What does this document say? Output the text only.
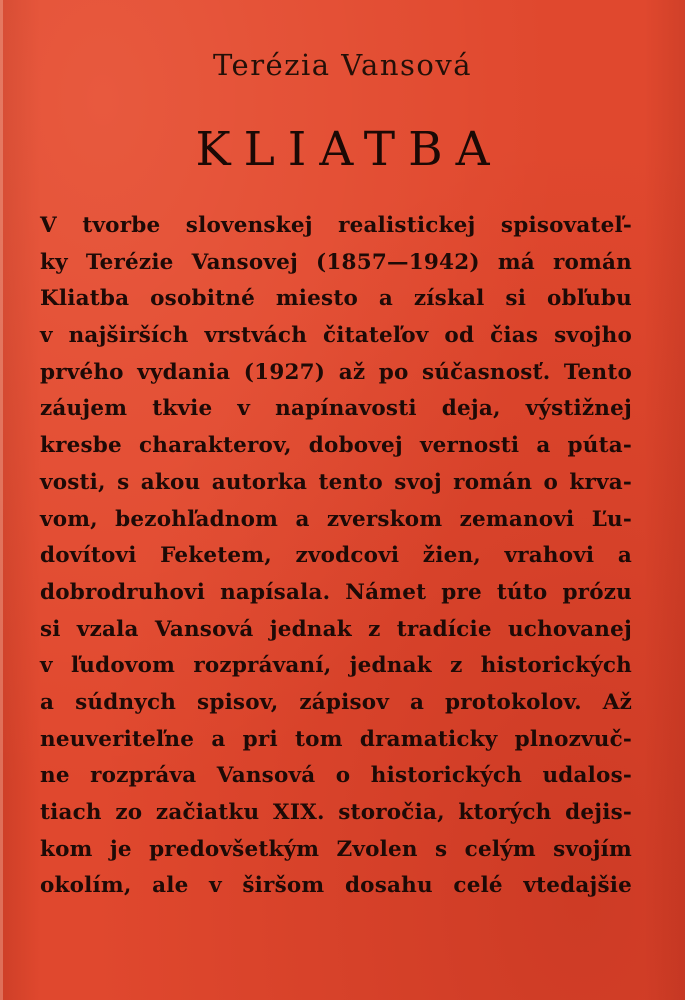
Terézia Vansová
KLIATBA
V tvorbe slovenskej realistickej spisovateľ-
ky Terézie Vansovej (1857—1942) má román
Kliatba osobitné miesto a získal si obľubu
v najširších vrstvách čitateľov od čias svojho
prvého vydania (1927) až po súčasnosť. Tento
záujem tkvie v napínavosti deja, výstižnej
kresbe charakterov, dobovej vernosti a púta-
vosti, s akou autorka tento svoj román o krva-
vom, bezohľadnom a zverskom zemanovi Ľu-
dovítovi Feketem, zvodcovi žien, vrahovi a
dobrodruhovi napísala. Námet pre túto prózu
si vzala Vansová jednak z tradície uchovanej
v ľudovom rozprávaní, jednak z historických
a súdnych spisov, zápisov a protokolov. Až
neuveriteľne a pri tom dramaticky plnozvuč-
ne rozpráva Vansová o historických udalos-
tiach zo začiatku XIX. storočia, ktorých dejis-
kom je predovšetkým Zvolen s celým svojím
okolím, ale v širšom dosahu celé vtedajšie
